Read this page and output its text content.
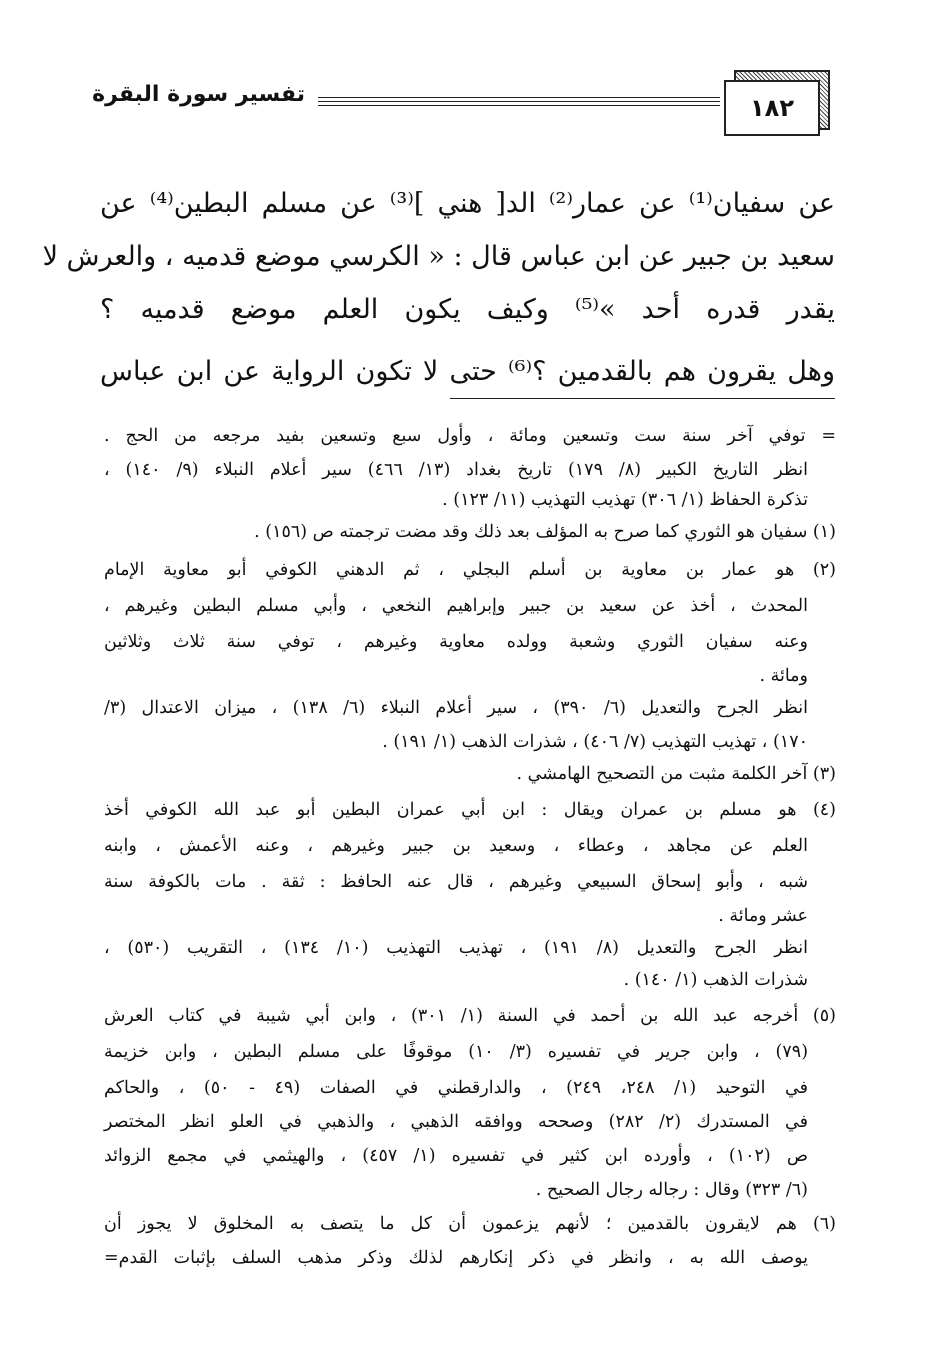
١٨٢
تفسير سورة البقرة
عن سفيان⁽¹⁾ عن عمار⁽²⁾ الد[ هني ]⁽³⁾ عن مسلم البطين⁽⁴⁾ عن
سعيد بن جبير عن ابن عباس قال : « الكرسي موضع قدميه ، والعرش لا
يقدر قدره أحد »⁽⁵⁾ وكيف يكون العلم موضع قدميه ؟
وهل يقرون هم بالقدمين ؟⁽⁶⁾ حتى لا تكون الرواية عن ابن عباس
= توفي آخر سنة ست وتسعين ومائة ، وأول سبع وتسعين بفيد مرجعه من الحج .
انظر التاريخ الكبير (٨/ ١٧٩) تاريخ بغداد (١٣/ ٤٦٦) سير أعلام النبلاء (٩/ ١٤٠) ،
تذكرة الحفاظ (١/ ٣٠٦) تهذيب التهذيب (١١/ ١٢٣) .
(١) سفيان هو الثوري كما صرح به المؤلف بعد ذلك وقد مضت ترجمته ص (١٥٦) .
(٢) هو عمار بن معاوية بن أسلم البجلي ، ثم الدهني الكوفي أبو معاوية الإمام
المحدث ، أخذ عن سعيد بن جبير وإبراهيم النخعي ، وأبي مسلم البطين وغيرهم ،
وعنه سفيان الثوري وشعبة وولده معاوية وغيرهم ، توفي سنة ثلاث وثلاثين
ومائة .
انظر الجرح والتعديل (٦/ ٣٩٠) ، سير أعلام النبلاء (٦/ ١٣٨) ، ميزان الاعتدال (٣/
١٧٠) ، تهذيب التهذيب (٧/ ٤٠٦) ، شذرات الذهب (١/ ١٩١) .
(٣) آخر الكلمة مثبت من التصحيح الهامشي .
(٤) هو مسلم بن عمران ويقال : ابن أبي عمران البطين أبو عبد الله الكوفي أخذ
العلم عن مجاهد ، وعطاء ، وسعيد بن جبير وغيرهم ، وعنه الأعمش ، وابنه
شبه ، وأبو إسحاق السبيعي وغيرهم ، قال عنه الحافظ : ثقة . مات بالكوفة سنة
عشر ومائة .
انظر الجرح والتعديل (٨/ ١٩١) ، تهذيب التهذيب (١٠/ ١٣٤) ، التقريب (٥٣٠) ،
شذرات الذهب (١/ ١٤٠) .
(٥) أخرجه عبد الله بن أحمد في السنة (١/ ٣٠١) ، وابن أبي شيبة في كتاب العرش
(٧٩) ، وابن جرير في تفسيره (٣/ ١٠) موقوفًا على مسلم البطين ، وابن خزيمة
في التوحيد (١/ ٢٤٨، ٢٤٩) ، والدارقطني في الصفات (٤٩ - ٥٠) ، والحاكم
في المستدرك (٢/ ٢٨٢) وصححه ووافقه الذهبي ، والذهبي في العلو انظر المختصر
ص (١٠٢) ، وأورده ابن كثير في تفسيره (١/ ٤٥٧) ، والهيثمي في مجمع الزوائد
(٦/ ٣٢٣) وقال : رجاله رجال الصحيح .
(٦) هم لايقرون بالقدمين ؛ لأنهم يزعمون أن كل ما يتصف به المخلوق لا يجوز أن
يوصف الله به ، وانظر في ذكر إنكارهم لذلك وذكر مذهب السلف بإثبات القدم=
